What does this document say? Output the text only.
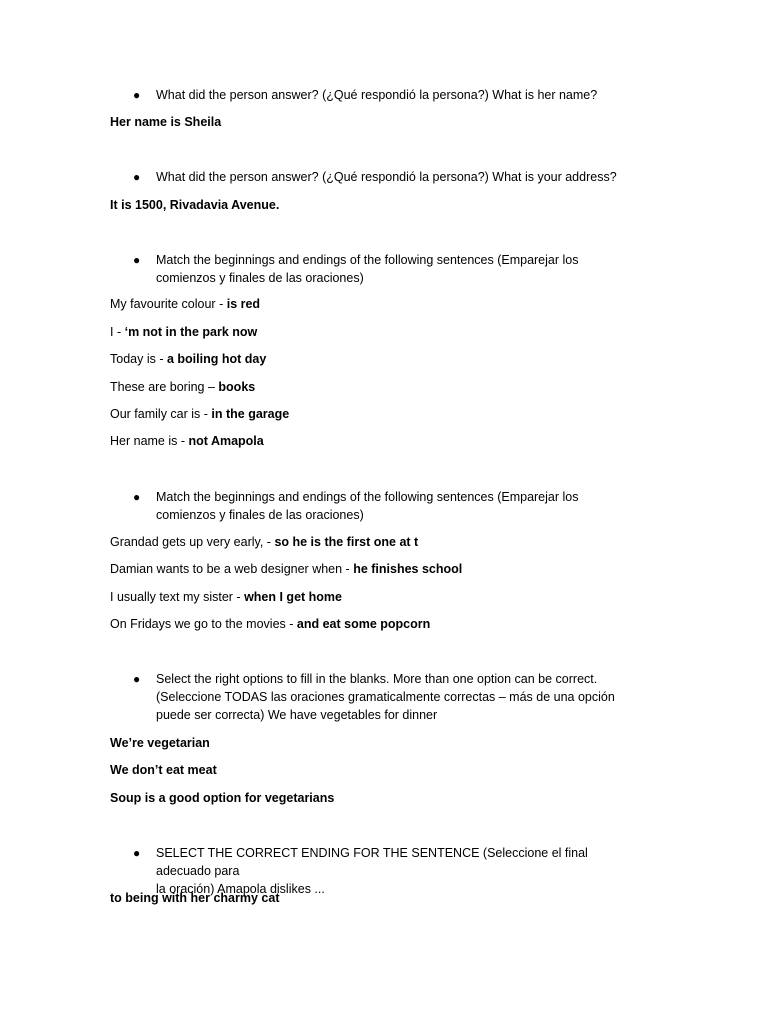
● What did the person answer? (¿Qué respondió la persona?) What is her name?
Her name is Sheila
● What did the person answer? (¿Qué respondió la persona?) What is your address?
It is 1500, Rivadavia Avenue.
● Match the beginnings and endings of the following sentences (Emparejar los
comienzos y finales de las oraciones)
My favourite colour - is red
I - ‘m not in the park now
Today is - a boiling hot day
These are boring – books
Our family car is - in the garage
Her name is - not Amapola
● Match the beginnings and endings of the following sentences (Emparejar los
comienzos y finales de las oraciones)
Grandad gets up very early, - so he is the first one at t
Damian wants to be a web designer when - he finishes school
I usually text my sister - when I get home
On Fridays we go to the movies - and eat some popcorn
● Select the right options to fill in the blanks. More than one option can be correct.
(Seleccione TODAS las oraciones gramaticalmente correctas – más de una opción
puede ser correcta) We have vegetables for dinner
We’re vegetarian
We don’t eat meat
Soup is a good option for vegetarians
● SELECT THE CORRECT ENDING FOR THE SENTENCE (Seleccione el final adecuado para
la oración) Amapola dislikes ...
to being with her charmy cat
